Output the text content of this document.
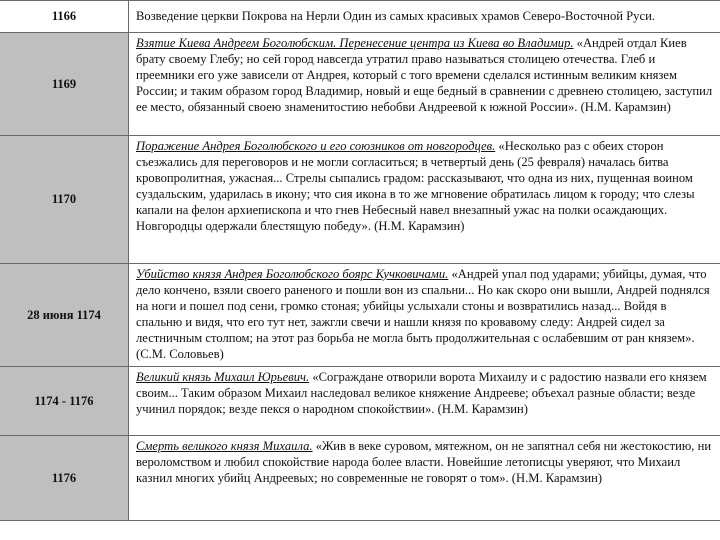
1166	Возведение церкви Покрова на Нерли Один из самых красивых храмов Северо-Восточной Руси.
1169
Взятие Киева Андреем Боголюбским. Перенесение центра из Киева во Владимир. «Андрей отдал Киев брату своему Глебу; но сей город навсегда утратил право называться столицею отечества. Глеб и преемники его уже зависели от Андрея, который с того времени сделался истинным великим князем России; и таким образом город Владимир, новый и еще бедный в сравнении с древнею столицею, заступил ее место, обязанный своею знаменитостию небобви Андреевой к южной России». (Н.М. Карамзин)
1170
Поражение Андрея Боголюбского и его союзников от новгородцев. «Несколько раз с обеих сторон съезжались для переговоров и не могли согласиться; в четвертый день (25 февраля) началась битва кровопролитная, ужасная... Стрелы сыпались градом: рассказывают, что одна из них, пущенная воином суздальским, ударилась в икону; что сия икона в то же мгновение обратилась лицом к городу; что слезы капали на фелон архиепископа и что гнев Небесный навел внезапный ужас на полки осаждающих. Новгородцы одержали блестящую победу». (Н.М. Карамзин)
28 июня 1174
Убийство князя Андрея Боголюбского боярс Кучковичами. «Андрей упал под ударами; убийцы, думая, что дело кончено, взяли своего раненого и пошли вон из спальни... Но как скоро они вышли, Андрей поднялся на ноги и пошел под сени, громко стоная; убийцы услыхали стоны и возвратились назад... Войдя в спальню и видя, что его тут нет, зажгли свечи и нашли князя по кровавому следу: Андрей сидел за лестничным столпом; на этот раз борьба не могла быть продолжительная с ослабевшим от ран князем». (С.М. Соловьев)
1174 - 1176
Великий князь Михаил Юрьевич. «Сограждане отворили ворота Михаилу и с радостию назвали его князем своим... Таким образом Михаил наследовал великое княжение Андрееве; объехал разные области; везде учинил порядок; везде пекся о народном спокойствии». (Н.М. Карамзин)
1176
Смерть великого князя Михаила. «Жив в веке суровом, мятежном, он не запятнал себя ни жестокостию, ни вероломством и любил спокойствие народа более власти. Новейшие летописцы уверяют, что Михаил казнил многих убийц Андреевых; но современные не говорят о том». (Н.М. Карамзин)
